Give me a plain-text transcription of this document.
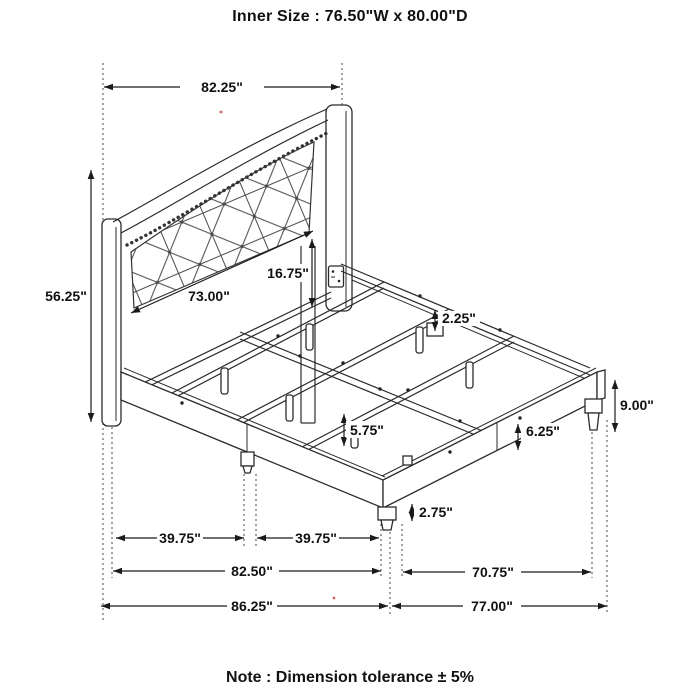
Inner Size : 76.50"W x 80.00"D
82.25"
56.25"	73.00"
16.75"
2.25"
9.00"
6.25"
5.75"
2.75"
39.75"	39.75"
82.50"	70.75"
86.25"	77.00"
Note : Dimension tolerance ± 5%
